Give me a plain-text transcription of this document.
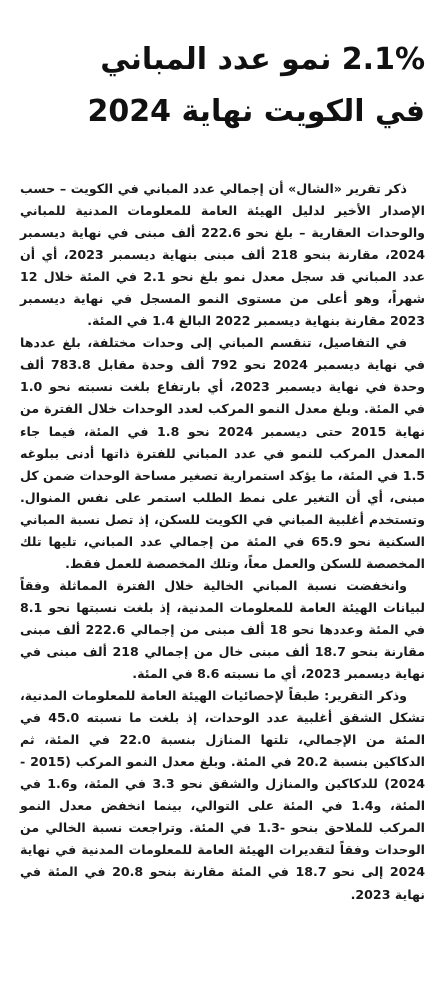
2.1% نمو عدد المباني
في الكويت نهاية 2024

ذكر تقرير «الشال» أن إجمالي عدد المباني في الكويت – حسب الإصدار الأخير لدليل الهيئة العامة للمعلومات المدنية للمباني والوحدات العقارية – بلغ نحو 222.6 ألف مبنى في نهاية ديسمبر 2024، مقارنة بنحو 218 ألف مبنى بنهاية ديسمبر 2023، أي أن عدد المباني قد سجل معدل نمو بلغ نحو 2.1 في المئة خلال 12 شهراً، وهو أعلى من مستوى النمو المسجل في نهاية ديسمبر 2023 مقارنة بنهاية ديسمبر 2022 البالغ 1.4 في المئة.

في التفاصيل، تنقسم المباني إلى وحدات مختلفة، بلغ عددها في نهاية ديسمبر 2024 نحو 792 ألف وحدة مقابل 783.8 ألف وحدة في نهاية ديسمبر 2023، أي بارتفاع بلغت نسبته نحو 1.0 في المئة. وبلغ معدل النمو المركب لعدد الوحدات خلال الفترة من نهاية 2015 حتى ديسمبر 2024 نحو 1.8 في المئة، فيما جاء المعدل المركب للنمو في عدد المباني للفترة ذاتها أدنى ببلوغه 1.5 في المئة، ما يؤكد استمرارية تصغير مساحة الوحدات ضمن كل مبنى، أي أن التغير على نمط الطلب استمر على نفس المنوال. وتستخدم أغلبية المباني في الكويت للسكن، إذ تصل نسبة المباني السكنية نحو 65.9 في المئة من إجمالي عدد المباني، تليها تلك المخصصة للسكن والعمل معاً، وتلك المخصصة للعمل فقط.

وانخفضت نسبة المباني الخالية خلال الفترة المماثلة وفقاً لبيانات الهيئة العامة للمعلومات المدنية، إذ بلغت نسبتها نحو 8.1 في المئة وعددها نحو 18 ألف مبنى من إجمالي 222.6 ألف مبنى مقارنة بنحو 18.7 ألف مبنى خال من إجمالي 218 ألف مبنى في نهاية ديسمبر 2023، أي ما نسبته 8.6 في المئة.

وذكر التقرير: طبقاً لإحصائيات الهيئة العامة للمعلومات المدنية، تشكل الشقق أغلبية عدد الوحدات، إذ بلغت ما نسبته 45.0 في المئة من الإجمالي، تلتها المنازل بنسبة 22.0 في المئة، ثم الدكاكين بنسبة 20.2 في المئة. وبلغ معدل النمو المركب (2015 - 2024) للدكاكين والمنازل والشقق نحو 3.3 في المئة، و1.6 في المئة، و1.4 في المئة على التوالي، بينما انخفض معدل النمو المركب للملاحق بنحو -1.3 في المئة. وتراجعت نسبة الخالي من الوحدات وفقاً لتقديرات الهيئة العامة للمعلومات المدنية في نهاية 2024 إلى نحو 18.7 في المئة مقارنة بنحو 20.8 في المئة في نهاية 2023.
